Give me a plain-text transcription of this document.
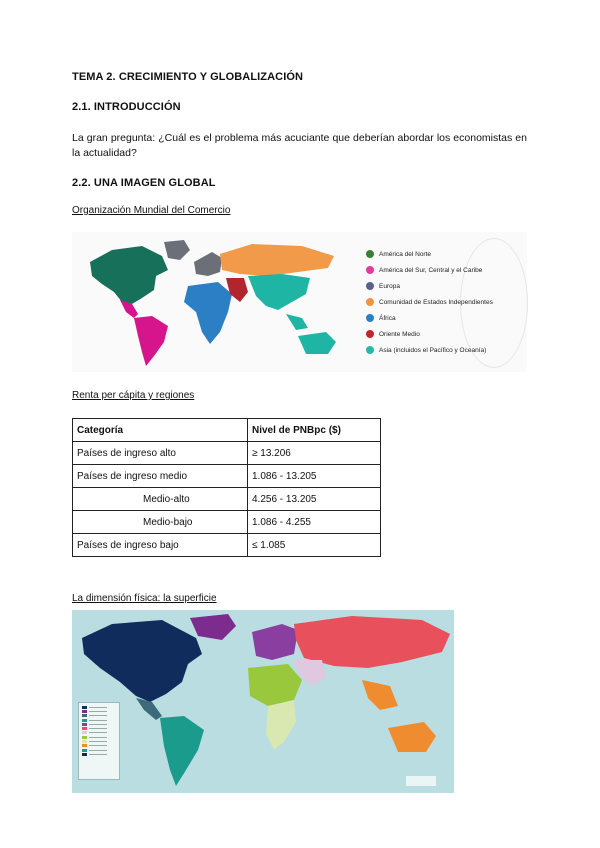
TEMA 2. CRECIMIENTO Y GLOBALIZACIÓN
2.1. INTRODUCCIÓN
La gran pregunta: ¿Cuál es el problema más acuciante que deberían abordar los economistas en la actualidad?
2.2. UNA IMAGEN GLOBAL
Organización Mundial del Comercio
América del Norte
América del Sur, Central y el Caribe
Europa
Comunidad de Estados Independientes
África
Oriente Medio
Asia (incluidos el Pacífico y Oceanía)
Renta per cápita y regiones
Categoría	Nivel de PNBpc ($)
Países de ingreso alto	≥ 13.206
Países de ingreso medio	1.086 - 13.205
Medio-alto	4.256 - 13.205
Medio-bajo	1.086 - 4.255
Países de ingreso bajo	≤ 1.085
La dimensión física: la superficie
